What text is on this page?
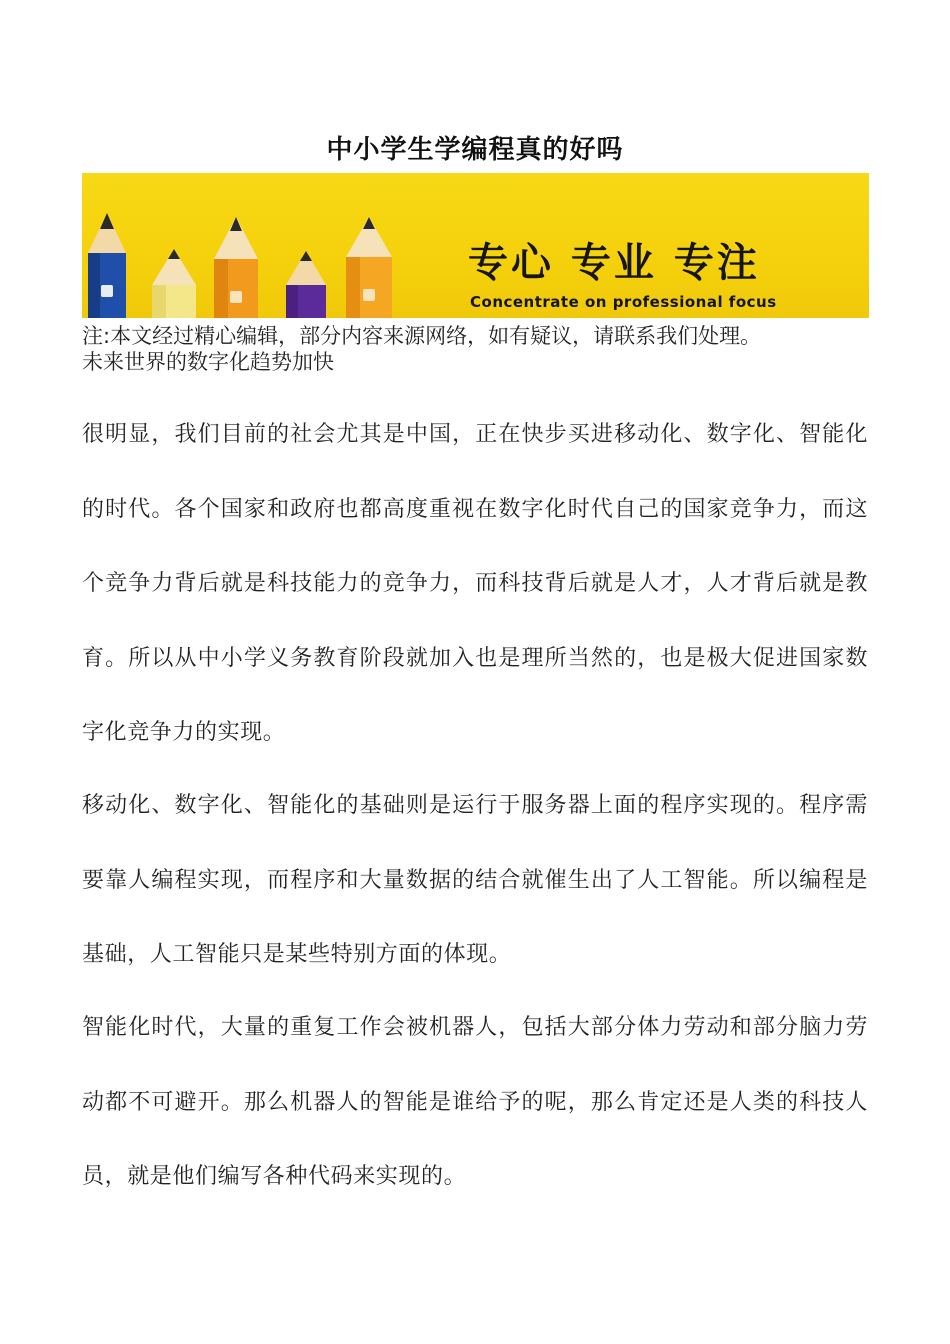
中小学生学编程真的好吗
专心 专业 专注
Concentrate on professional focus
注:本文经过精心编辑，部分内容来源网络，如有疑议，请联系我们处理。
未来世界的数字化趋势加快
很明显，我们目前的社会尤其是中国，正在快步买进移动化、数字化、智能化的时代。各个国家和政府也都高度重视在数字化时代自己的国家竞争力，而这个竞争力背后就是科技能力的竞争力，而科技背后就是人才，人才背后就是教育。所以从中小学义务教育阶段就加入也是理所当然的，也是极大促进国家数字化竞争力的实现。
移动化、数字化、智能化的基础则是运行于服务器上面的程序实现的。程序需要靠人编程实现，而程序和大量数据的结合就催生出了人工智能。所以编程是基础，人工智能只是某些特别方面的体现。
智能化时代，大量的重复工作会被机器人，包括大部分体力劳动和部分脑力劳动都不可避开。那么机器人的智能是谁给予的呢，那么肯定还是人类的科技人员，就是他们编写各种代码来实现的。
